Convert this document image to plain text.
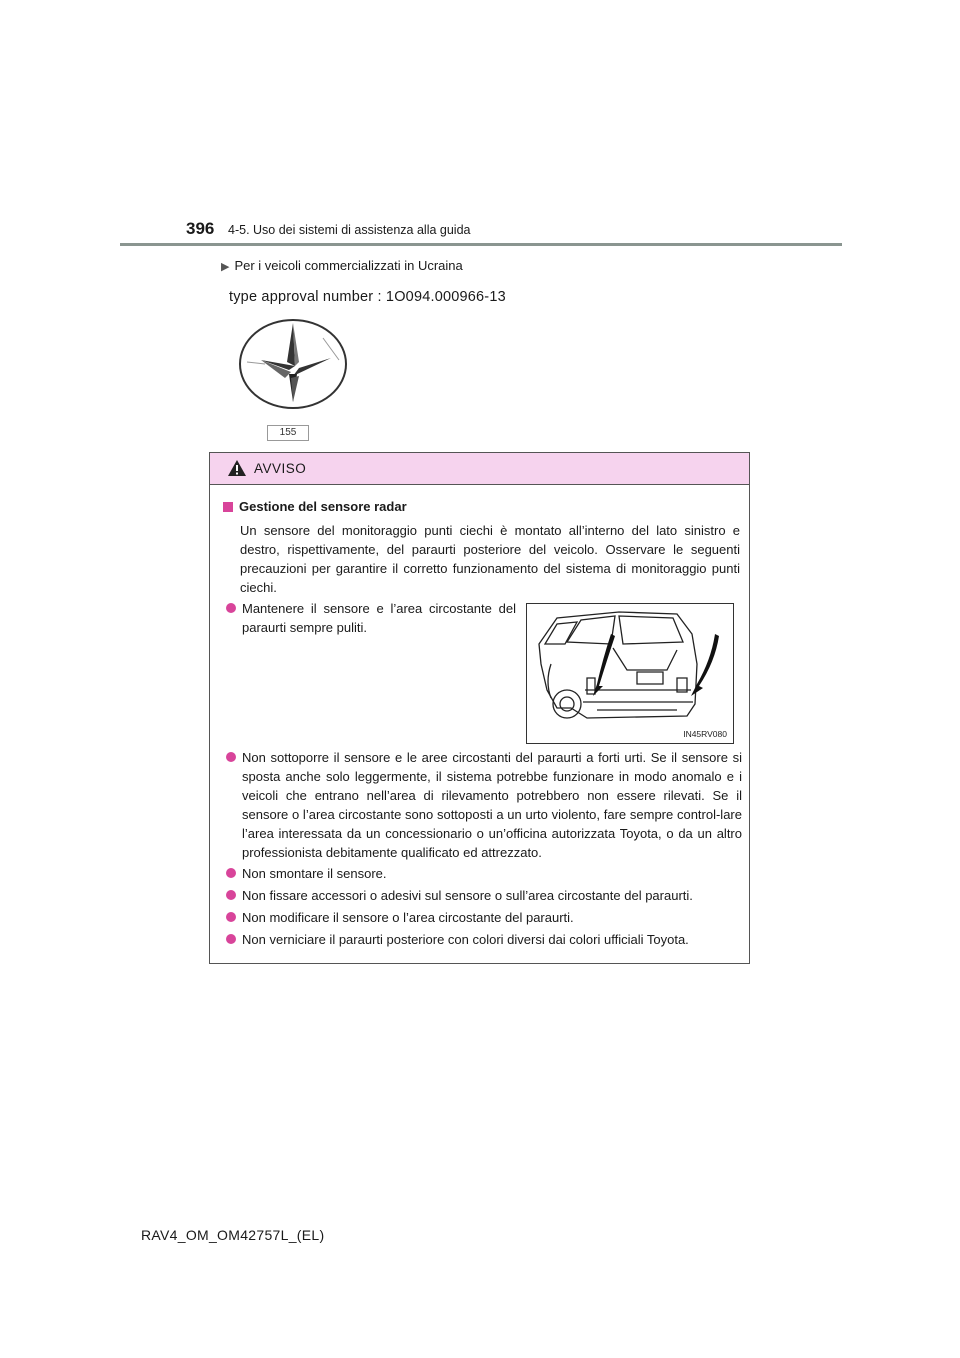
396 4-5. Uso dei sistemi di assistenza alla guida
▶ Per i veicoli commercializzati in Ucraina
type approval number : 1O094.000966-13
155
AVVISO
Gestione del sensore radar
Un sensore del monitoraggio punti ciechi è montato all’interno del lato sinistro e destro, rispettivamente, del paraurti posteriore del veicolo. Osservare le seguenti precauzioni per garantire il corretto funzionamento del sistema di monitoraggio punti ciechi.
Mantenere il sensore e l’area circostante del paraurti sempre puliti.
IN45RV080
Non sottoporre il sensore e le aree circostanti del paraurti a forti urti. Se il sensore si sposta anche solo leggermente, il sistema potrebbe funzionare in modo anomalo e i veicoli che entrano nell’area di rilevamento potrebbero non essere rilevati. Se il sensore o l’area circostante sono sottoposti a un urto violento, fare sempre control-lare l’area interessata da un concessionario o un’officina autorizzata Toyota, o da un altro professionista debitamente qualificato ed attrezzato.
Non smontare il sensore.
Non fissare accessori o adesivi sul sensore o sull’area circostante del paraurti.
Non modificare il sensore o l’area circostante del paraurti.
Non verniciare il paraurti posteriore con colori diversi dai colori ufficiali Toyota.
RAV4_OM_OM42757L_(EL)
